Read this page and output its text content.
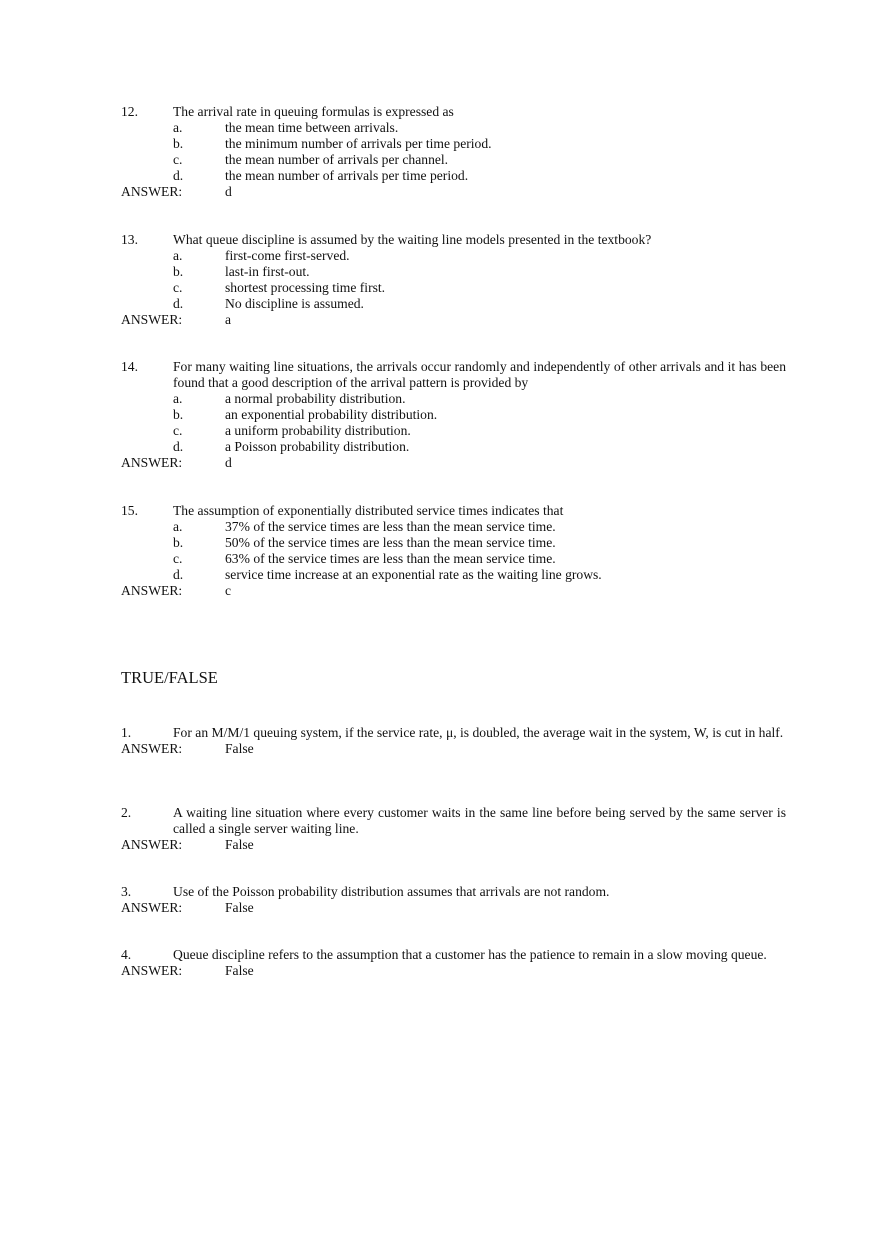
12.	The arrival rate in queuing formulas is expressed as
a.	the mean time between arrivals.
b.	the minimum number of arrivals per time period.
c.	the mean number of arrivals per channel.
d.	the mean number of arrivals per time period.
ANSWER:	d
13.	What queue discipline is assumed by the waiting line models presented in the textbook?
a.	first-come first-served.
b.	last-in first-out.
c.	shortest processing time first.
d.	No discipline is assumed.
ANSWER:	a
14.	For many waiting line situations, the arrivals occur randomly and independently of other arrivals and it has been found that a good description of the arrival pattern is provided by
a.	a normal probability distribution.
b.	an exponential probability distribution.
c.	a uniform probability distribution.
d.	a Poisson probability distribution.
ANSWER:	d
15.	The assumption of exponentially distributed service times indicates that
a.	37% of the service times are less than the mean service time.
b.	50% of the service times are less than the mean service time.
c.	63% of the service times are less than the mean service time.
d.	service time increase at an exponential rate as the waiting line grows.
ANSWER:	c
TRUE/FALSE
1.	For an M/M/1 queuing system, if the service rate, μ, is doubled, the average wait in the system, W, is cut in half.
ANSWER:	False
2.	A waiting line situation where every customer waits in the same line before being served by the same server is called a single server waiting line.
ANSWER:	False
3.	Use of the Poisson probability distribution assumes that arrivals are not random.
ANSWER:	False
4.	Queue discipline refers to the assumption that a customer has the patience to remain in a slow moving queue.
ANSWER:	False
